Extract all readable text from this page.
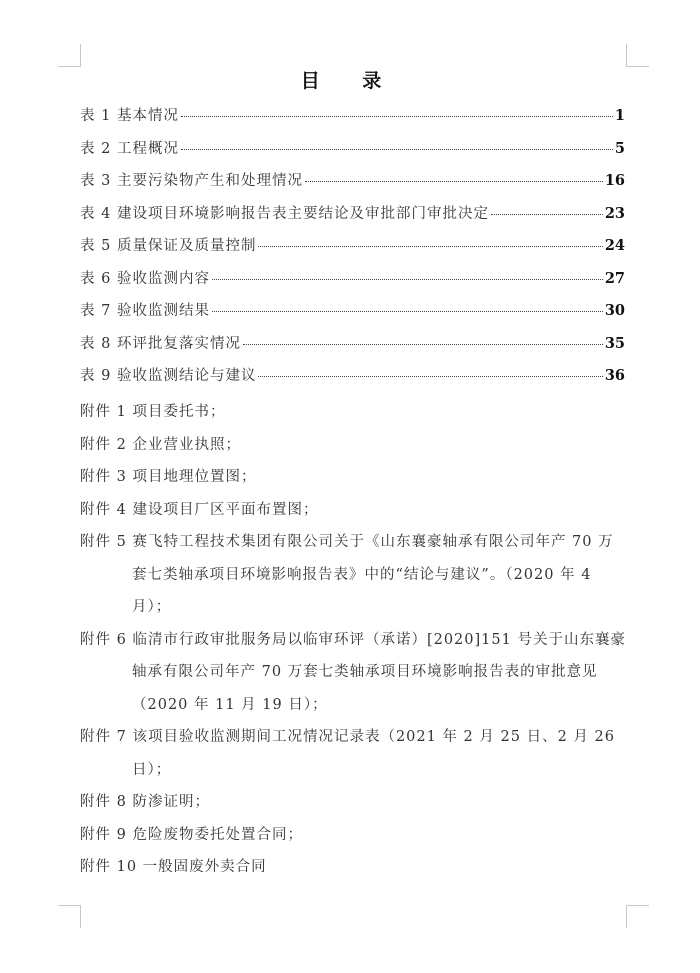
目 录
表 1 基本情况	1
表 2 工程概况	5
表 3 主要污染物产生和处理情况	16
表 4 建设项目环境影响报告表主要结论及审批部门审批决定	23
表 5 质量保证及质量控制	24
表 6 验收监测内容	27
表 7 验收监测结果	30
表 8 环评批复落实情况	35
表 9 验收监测结论与建议	36
附件 1 项目委托书；
附件 2 企业营业执照；
附件 3 项目地理位置图；
附件 4 建设项目厂区平面布置图；
附件 5 赛飞特工程技术集团有限公司关于《山东襄豪轴承有限公司年产 70 万套七类轴承项目环境影响报告表》中的“结论与建议”。（2020 年 4 月）；
附件 6 临清市行政审批服务局以临审环评（承诺）[2020]151 号关于山东襄豪轴承有限公司年产 70 万套七类轴承项目环境影响报告表的审批意见（2020 年 11 月 19 日）；
附件 7 该项目验收监测期间工况情况记录表（2021 年 2 月 25 日、2 月 26 日）；
附件 8 防渗证明；
附件 9 危险废物委托处置合同；
附件 10 一般固废外卖合同
